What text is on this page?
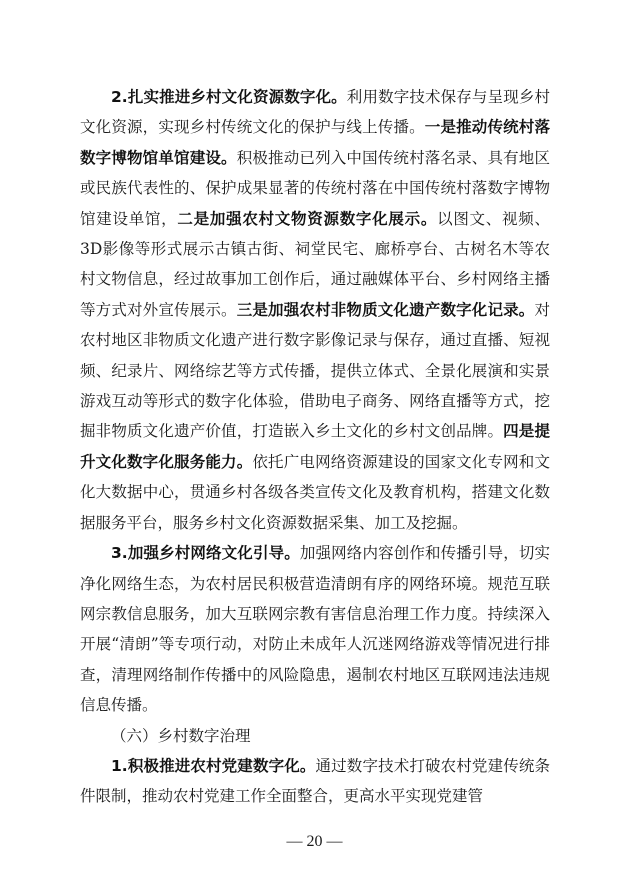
2.扎实推进乡村文化资源数字化。利用数字技术保存与呈现乡村文化资源，实现乡村传统文化的保护与线上传播。一是推动传统村落数字博物馆单馆建设。积极推动已列入中国传统村落名录、具有地区或民族代表性的、保护成果显著的传统村落在中国传统村落数字博物馆建设单馆，二是加强农村文物资源数字化展示。以图文、视频、3D影像等形式展示古镇古街、祠堂民宅、廊桥亭台、古树名木等农村文物信息，经过故事加工创作后，通过融媒体平台、乡村网络主播等方式对外宣传展示。三是加强农村非物质文化遗产数字化记录。对农村地区非物质文化遗产进行数字影像记录与保存，通过直播、短视频、纪录片、网络综艺等方式传播，提供立体式、全景化展演和实景游戏互动等形式的数字化体验，借助电子商务、网络直播等方式，挖掘非物质文化遗产价值，打造嵌入乡土文化的乡村文创品牌。四是提升文化数字化服务能力。依托广电网络资源建设的国家文化专网和文化大数据中心，贯通乡村各级各类宣传文化及教育机构，搭建文化数据服务平台，服务乡村文化资源数据采集、加工及挖掘。

3.加强乡村网络文化引导。加强网络内容创作和传播引导，切实净化网络生态，为农村居民积极营造清朗有序的网络环境。规范互联网宗教信息服务，加大互联网宗教有害信息治理工作力度。持续深入开展“清朗”等专项行动，对防止未成年人沉迷网络游戏等情况进行排查，清理网络制作传播中的风险隐患，遏制农村地区互联网违法违规信息传播。

（六）乡村数字治理

1.积极推进农村党建数字化。通过数字技术打破农村党建传统条件限制，推动农村党建工作全面整合，更高水平实现党建管

— 20 —
